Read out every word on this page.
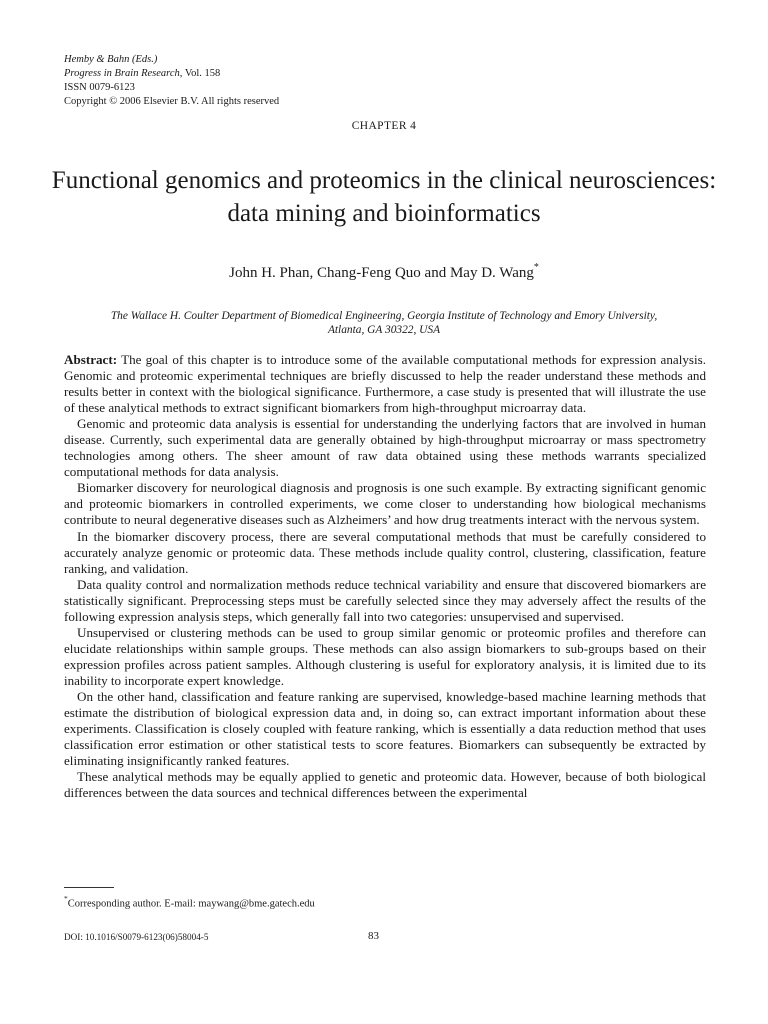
Hemby & Bahn (Eds.)
Progress in Brain Research, Vol. 158
ISSN 0079-6123
Copyright © 2006 Elsevier B.V. All rights reserved
CHAPTER 4
Functional genomics and proteomics in the clinical neurosciences: data mining and bioinformatics
John H. Phan, Chang-Feng Quo and May D. Wang*
The Wallace H. Coulter Department of Biomedical Engineering, Georgia Institute of Technology and Emory University,
Atlanta, GA 30322, USA

Abstract: The goal of this chapter is to introduce some of the available computational methods for expression analysis. Genomic and proteomic experimental techniques are briefly discussed to help the reader understand these methods and results better in context with the biological significance. Furthermore, a case study is presented that will illustrate the use of these analytical methods to extract significant biomarkers from high-throughput microarray data.

Genomic and proteomic data analysis is essential for understanding the underlying factors that are involved in human disease. Currently, such experimental data are generally obtained by high-throughput microarray or mass spectrometry technologies among others. The sheer amount of raw data obtained using these methods warrants specialized computational methods for data analysis.

Biomarker discovery for neurological diagnosis and prognosis is one such example. By extracting significant genomic and proteomic biomarkers in controlled experiments, we come closer to understanding how biological mechanisms contribute to neural degenerative diseases such as Alzheimers’ and how drug treatments interact with the nervous system.

In the biomarker discovery process, there are several computational methods that must be carefully considered to accurately analyze genomic or proteomic data. These methods include quality control, clustering, classification, feature ranking, and validation.

Data quality control and normalization methods reduce technical variability and ensure that discovered biomarkers are statistically significant. Preprocessing steps must be carefully selected since they may adversely affect the results of the following expression analysis steps, which generally fall into two categories: unsupervised and supervised.

Unsupervised or clustering methods can be used to group similar genomic or proteomic profiles and therefore can elucidate relationships within sample groups. These methods can also assign biomarkers to sub-groups based on their expression profiles across patient samples. Although clustering is useful for exploratory analysis, it is limited due to its inability to incorporate expert knowledge.

On the other hand, classification and feature ranking are supervised, knowledge-based machine learning methods that estimate the distribution of biological expression data and, in doing so, can extract important information about these experiments. Classification is closely coupled with feature ranking, which is essentially a data reduction method that uses classification error estimation or other statistical tests to score features. Biomarkers can subsequently be extracted by eliminating insignificantly ranked features.

These analytical methods may be equally applied to genetic and proteomic data. However, because of both biological differences between the data sources and technical differences between the experimental

*Corresponding author. E-mail: maywang@bme.gatech.edu
DOI: 10.1016/S0079-6123(06)58004-5	83
